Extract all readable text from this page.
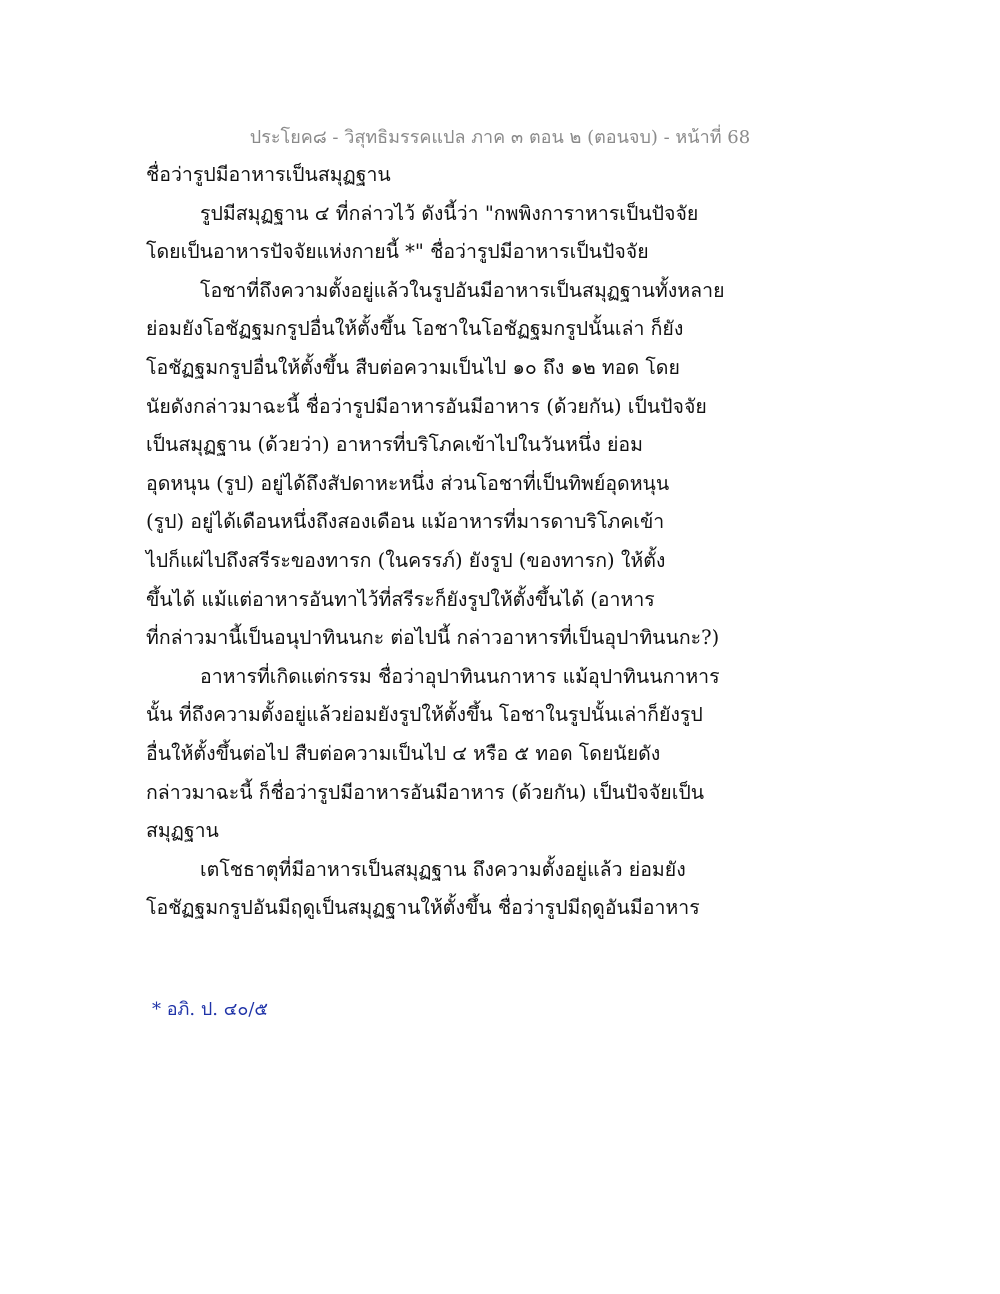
ประโยค๘ - วิสุทธิมรรคแปล ภาค ๓ ตอน ๒ (ตอนจบ) - หน้าที่ 68
ชื่อว่ารูปมีอาหารเป็นสมุฏฐาน
รูปมีสมุฏฐาน ๔ ที่กล่าวไว้ ดังนี้ว่า "กพพิงการาหารเป็นปัจจัย
โดยเป็นอาหารปัจจัยแห่งกายนี้ *" ชื่อว่ารูปมีอาหารเป็นปัจจัย
โอชาที่ถึงความตั้งอยู่แล้วในรูปอันมีอาหารเป็นสมุฏฐานทั้งหลาย
ย่อมยังโอชัฏฐมกรูปอื่นให้ตั้งขึ้น โอชาในโอชัฏฐมกรูปนั้นเล่า ก็ยัง
โอชัฏฐมกรูปอื่นให้ตั้งขึ้น สืบต่อความเป็นไป ๑๐ ถึง ๑๒ ทอด โดย
นัยดังกล่าวมาฉะนี้ ชื่อว่ารูปมีอาหารอันมีอาหาร (ด้วยกัน) เป็นปัจจัย
เป็นสมุฏฐาน (ด้วยว่า) อาหารที่บริโภคเข้าไปในวันหนึ่ง ย่อม
อุดหนุน (รูป) อยู่ได้ถึงสัปดาหะหนึ่ง ส่วนโอชาที่เป็นทิพย์อุดหนุน
(รูป) อยู่ได้เดือนหนึ่งถึงสองเดือน แม้อาหารที่มารดาบริโภคเข้า
ไปก็แผ่ไปถึงสรีระของทารก (ในครรภ์) ยังรูป (ของทารก) ให้ตั้ง
ขึ้นได้ แม้แต่อาหารอันทาไว้ที่สรีระก็ยังรูปให้ตั้งขึ้นได้ (อาหาร
ที่กล่าวมานี้เป็นอนุปาทินนกะ ต่อไปนี้ กล่าวอาหารที่เป็นอุปาทินนกะ?)
อาหารที่เกิดแต่กรรม ชื่อว่าอุปาทินนกาหาร แม้อุปาทินนกาหาร
นั้น ที่ถึงความตั้งอยู่แล้วย่อมยังรูปให้ตั้งขึ้น โอชาในรูปนั้นเล่าก็ยังรูป
อื่นให้ตั้งขึ้นต่อไป สืบต่อความเป็นไป ๔ หรือ ๕ ทอด โดยนัยดัง
กล่าวมาฉะนี้ ก็ชื่อว่ารูปมีอาหารอันมีอาหาร (ด้วยกัน) เป็นปัจจัยเป็น
สมุฏฐาน
เตโชธาตุที่มีอาหารเป็นสมุฏฐาน ถึงความตั้งอยู่แล้ว ย่อมยัง
โอชัฏฐมกรูปอันมีฤดูเป็นสมุฏฐานให้ตั้งขึ้น ชื่อว่ารูปมีฤดูอันมีอาหาร
* อภิ. ป. ๔๐/๕
